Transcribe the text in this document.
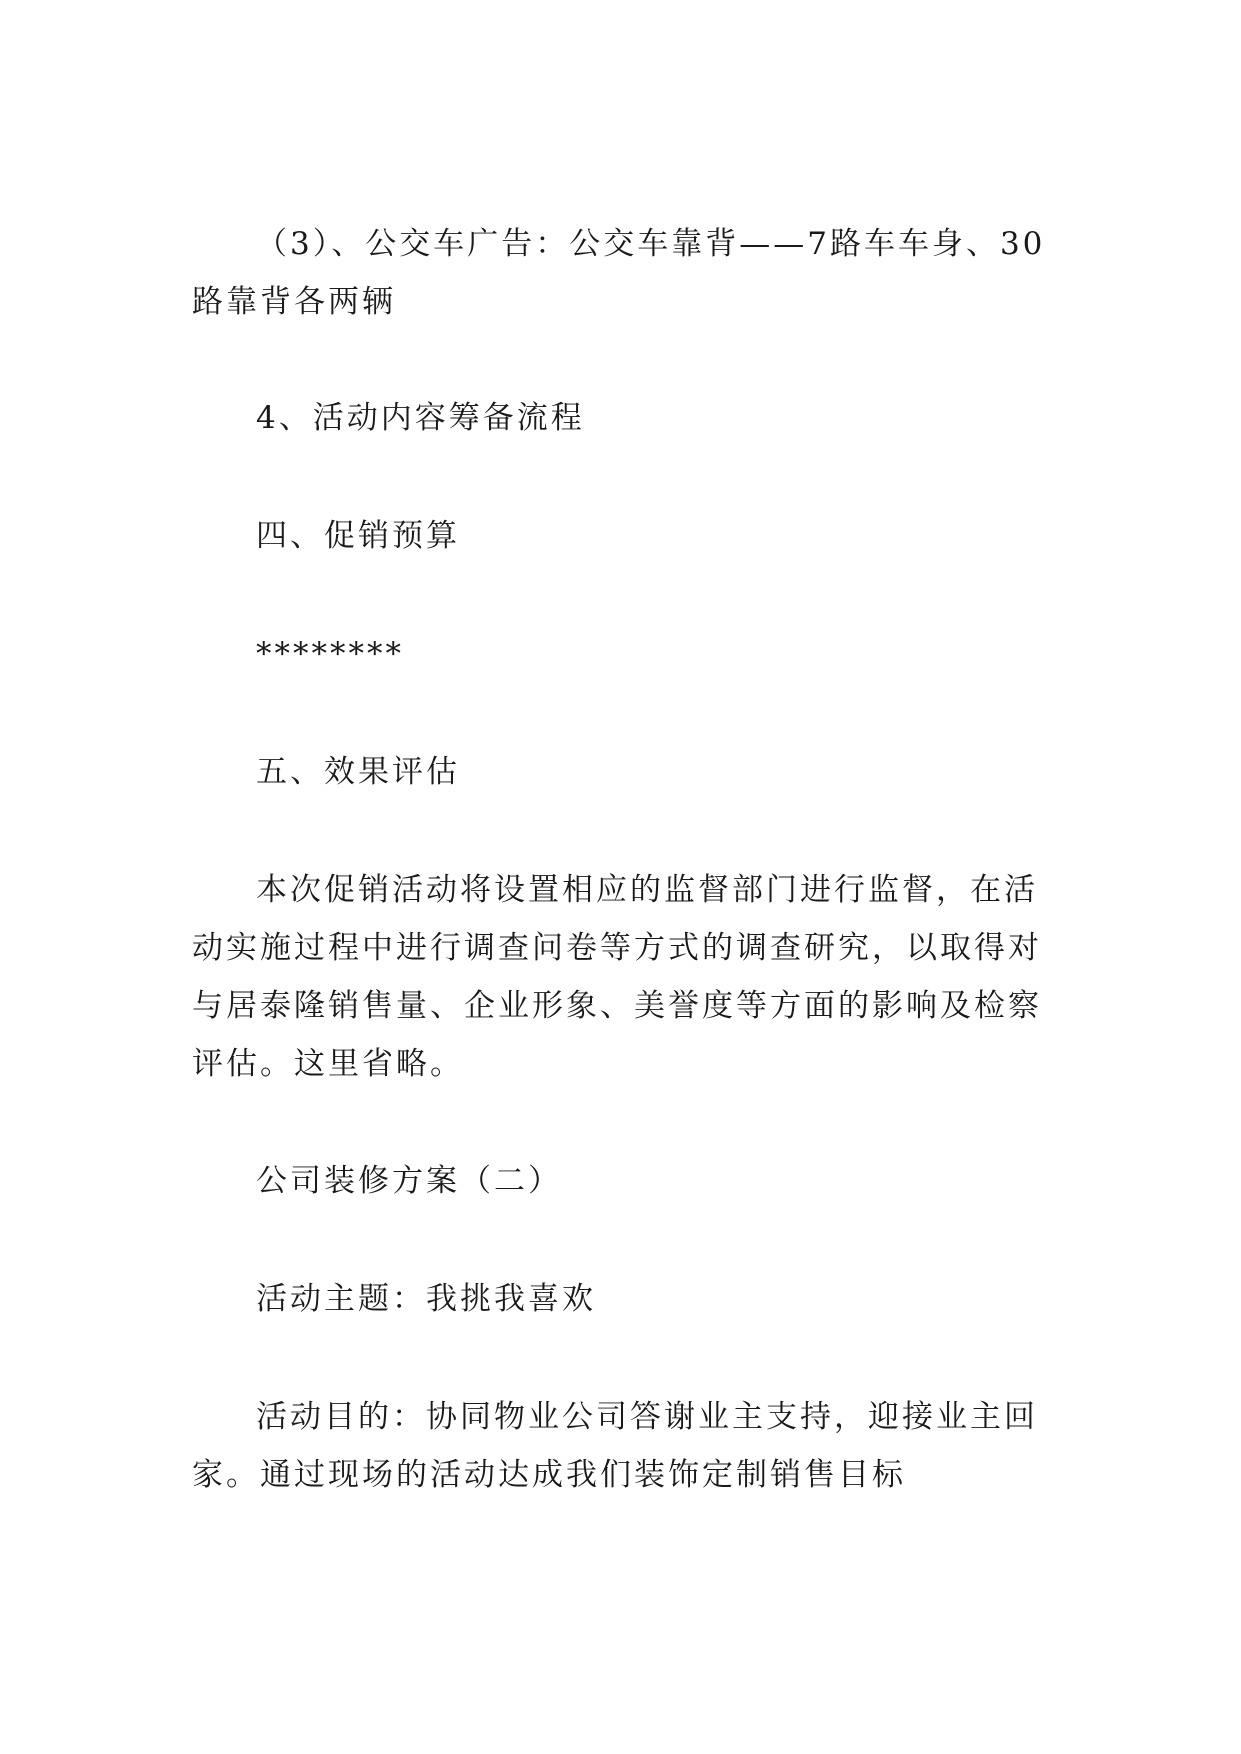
（3）、公交车广告：公交车靠背——7路车车身、30路靠背各两辆

4、活动内容筹备流程

四、促销预算

********

五、效果评估

本次促销活动将设置相应的监督部门进行监督，在活动实施过程中进行调查问卷等方式的调查研究，以取得对与居泰隆销售量、企业形象、美誉度等方面的影响及检察评估。这里省略。

公司装修方案（二）

活动主题：我挑我喜欢

活动目的：协同物业公司答谢业主支持，迎接业主回家。通过现场的活动达成我们装饰定制销售目标
